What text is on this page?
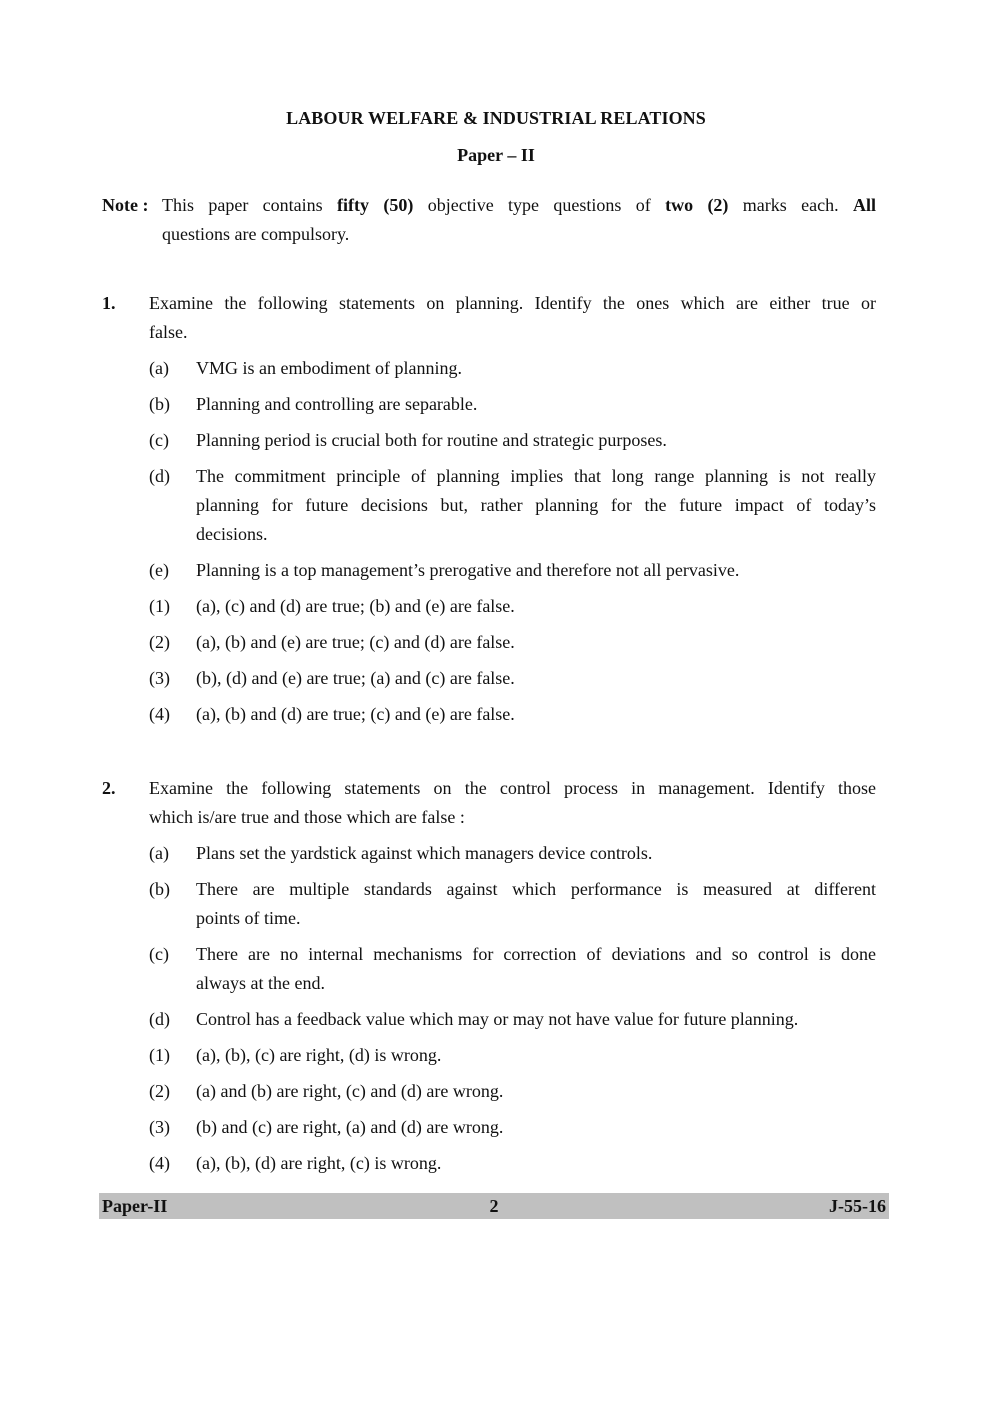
LABOUR WELFARE & INDUSTRIAL RELATIONS
Paper – II
Note : This paper contains fifty (50) objective type questions of two (2) marks each. All
questions are compulsory.
1. Examine the following statements on planning. Identify the ones which are either true or
false.
(a) VMG is an embodiment of planning.
(b) Planning and controlling are separable.
(c) Planning period is crucial both for routine and strategic purposes.
(d) The commitment principle of planning implies that long range planning is not really
planning for future decisions but, rather planning for the future impact of today’s
decisions.
(e) Planning is a top management’s prerogative and therefore not all pervasive.
(1) (a), (c) and (d) are true; (b) and (e) are false.
(2) (a), (b) and (e) are true; (c) and (d) are false.
(3) (b), (d) and (e) are true; (a) and (c) are false.
(4) (a), (b) and (d) are true; (c) and (e) are false.
2. Examine the following statements on the control process in management. Identify those
which is/are true and those which are false :
(a) Plans set the yardstick against which managers device controls.
(b) There are multiple standards against which performance is measured at different
points of time.
(c) There are no internal mechanisms for correction of deviations and so control is done
always at the end.
(d) Control has a feedback value which may or may not have value for future planning.
(1) (a), (b), (c) are right, (d) is wrong.
(2) (a) and (b) are right, (c) and (d) are wrong.
(3) (b) and (c) are right, (a) and (d) are wrong.
(4) (a), (b), (d) are right, (c) is wrong.
Paper-II	2	J-55-16
